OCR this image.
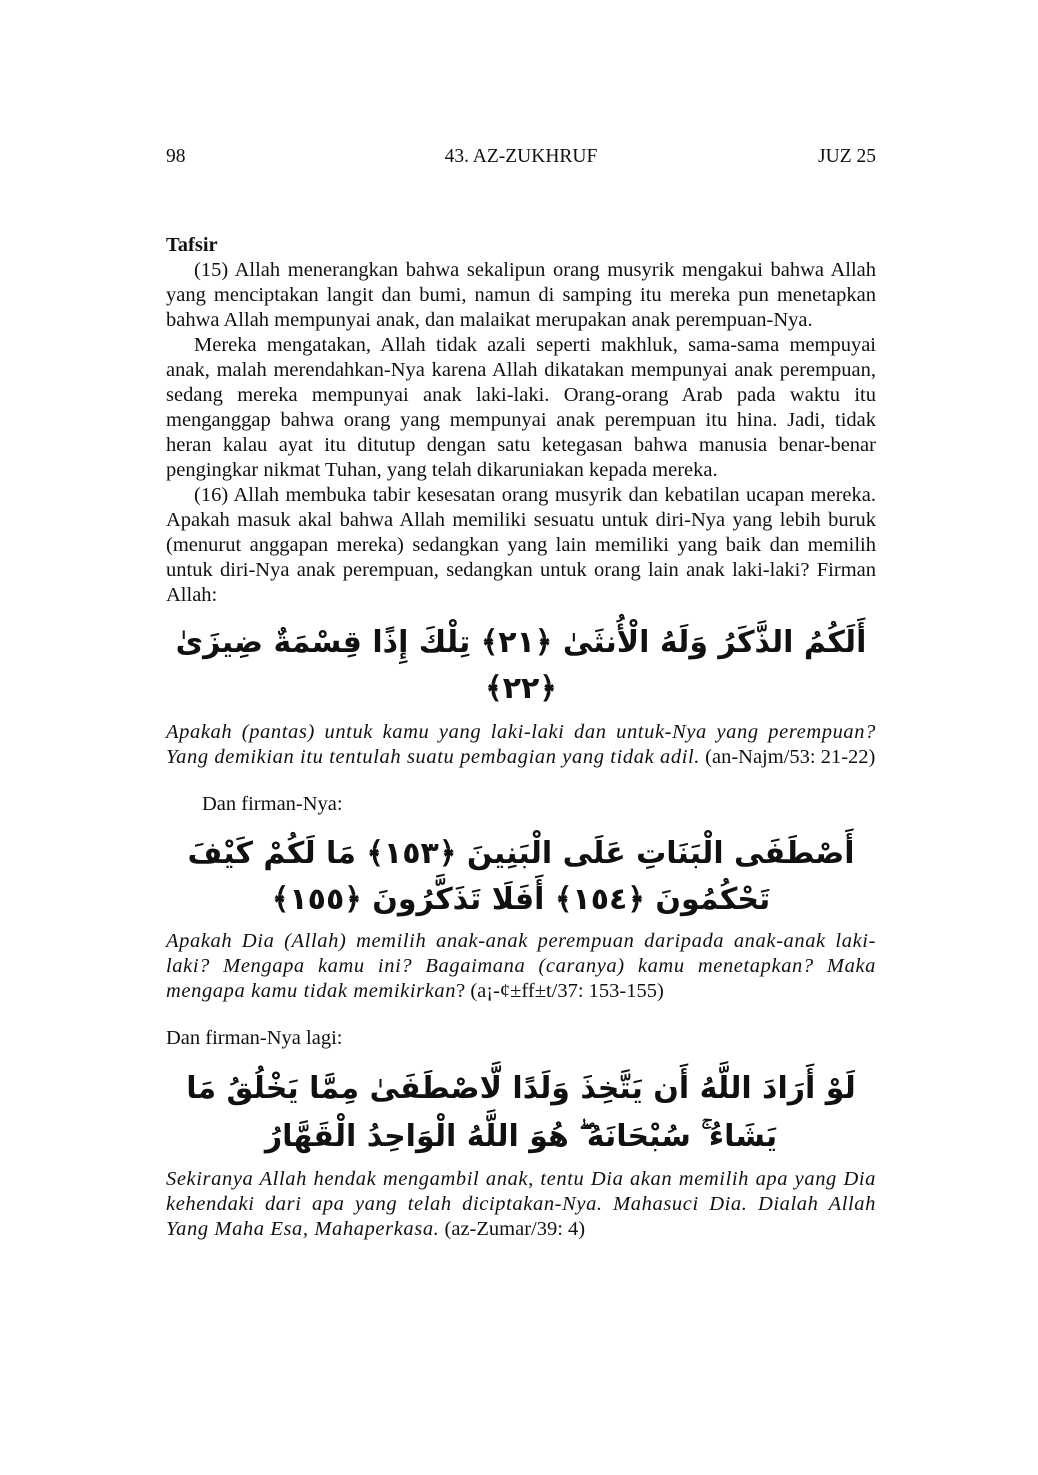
98	43. AZ-ZUKHRUF	JUZ 25

Tafsir

(15) Allah menerangkan bahwa sekalipun orang musyrik mengakui bahwa Allah yang menciptakan langit dan bumi, namun di samping itu mereka pun menetapkan bahwa Allah mempunyai anak, dan malaikat merupakan anak perempuan-Nya.

Mereka mengatakan, Allah tidak azali seperti makhluk, sama-sama mempuyai anak, malah merendahkan-Nya karena Allah dikatakan mempunyai anak perempuan, sedang mereka mempunyai anak laki-laki. Orang-orang Arab pada waktu itu menganggap bahwa orang yang mempunyai anak perempuan itu hina. Jadi, tidak heran kalau ayat itu ditutup dengan satu ketegasan bahwa manusia benar-benar pengingkar nikmat Tuhan, yang telah dikaruniakan kepada mereka.

(16) Allah membuka tabir kesesatan orang musyrik dan kebatilan ucapan mereka. Apakah masuk akal bahwa Allah memiliki sesuatu untuk diri-Nya yang lebih buruk (menurut anggapan mereka) sedangkan yang lain memiliki yang baik dan memilih untuk diri-Nya anak perempuan, sedangkan untuk orang lain anak laki-laki? Firman Allah:

أَلَكُمُ الذَّكَرُ وَلَهُ الْأُنثَىٰ ﴿٢١﴾ تِلْكَ إِذًا قِسْمَةٌ ضِيزَىٰ ﴿٢٢﴾

Apakah (pantas) untuk kamu yang laki-laki dan untuk-Nya yang perempuan? Yang demikian itu tentulah suatu pembagian yang tidak adil. (an-Najm/53: 21-22)

Dan firman-Nya:

أَصْطَفَى الْبَنَاتِ عَلَى الْبَنِينَ ﴿١٥٣﴾ مَا لَكُمْ كَيْفَ تَحْكُمُونَ ﴿١٥٤﴾ أَفَلَا تَذَكَّرُونَ ﴿١٥٥﴾

Apakah Dia (Allah) memilih anak-anak perempuan daripada anak-anak laki-laki? Mengapa kamu ini? Bagaimana (caranya) kamu menetapkan? Maka mengapa kamu tidak memikirkan? (a¡-¢±ff±t/37: 153-155)

Dan firman-Nya lagi:

لَوْ أَرَادَ اللَّهُ أَن يَتَّخِذَ وَلَدًا لَّاصْطَفَىٰ مِمَّا يَخْلُقُ مَا يَشَاءُ ۚ سُبْحَانَهُ ۖ هُوَ اللَّهُ الْوَاحِدُ الْقَهَّارُ

Sekiranya Allah hendak mengambil anak, tentu Dia akan memilih apa yang Dia kehendaki dari apa yang telah diciptakan-Nya. Mahasuci Dia. Dialah Allah Yang Maha Esa, Mahaperkasa. (az-Zumar/39: 4)
